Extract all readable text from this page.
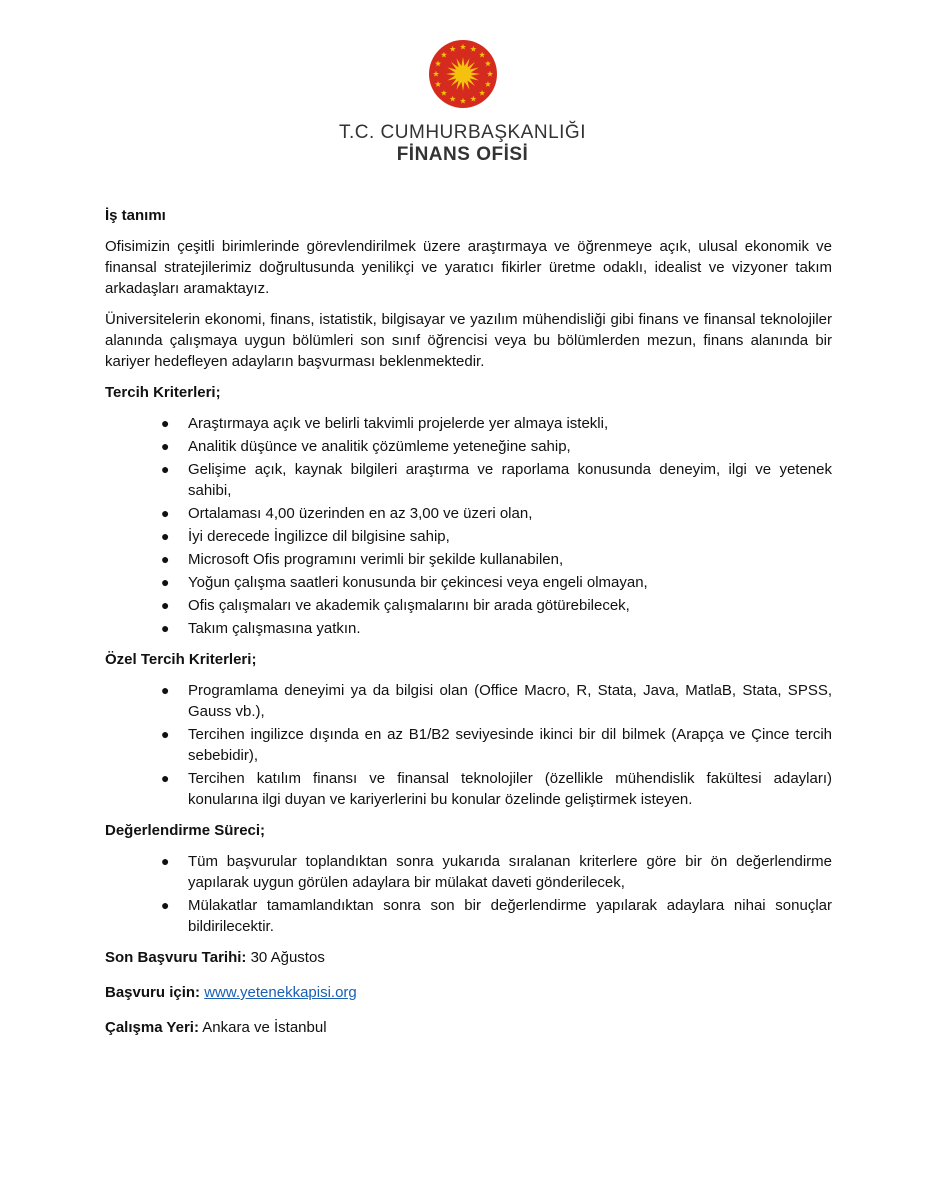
T.C. CUMHURBAŞKANLIĞI
FİNANS OFİSİ
İş tanımı

Ofisimizin çeşitli birimlerinde görevlendirilmek üzere araştırmaya ve öğrenmeye açık, ulusal ekonomik ve finansal stratejilerimiz doğrultusunda yenilikçi ve yaratıcı fikirler üretme odaklı, idealist ve vizyoner takım arkadaşları aramaktayız.

Üniversitelerin ekonomi, finans, istatistik, bilgisayar ve yazılım mühendisliği gibi finans ve finansal teknolojiler alanında çalışmaya uygun bölümleri son sınıf öğrencisi veya bu bölümlerden mezun, finans alanında bir kariyer hedefleyen adayların başvurması beklenmektedir.

Tercih Kriterleri;
● Araştırmaya açık ve belirli takvimli projelerde yer almaya istekli,
● Analitik düşünce ve analitik çözümleme yeteneğine sahip,
● Gelişime açık, kaynak bilgileri araştırma ve raporlama konusunda deneyim, ilgi ve yetenek sahibi,
● Ortalaması 4,00 üzerinden en az 3,00 ve üzeri olan,
● İyi derecede İngilizce dil bilgisine sahip,
● Microsoft Ofis programını verimli bir şekilde kullanabilen,
● Yoğun çalışma saatleri konusunda bir çekincesi veya engeli olmayan,
● Ofis çalışmaları ve akademik çalışmalarını bir arada götürebilecek,
● Takım çalışmasına yatkın.
Özel Tercih Kriterleri;
● Programlama deneyimi ya da bilgisi olan (Office Macro, R, Stata, Java, MatlaB, Stata, SPSS, Gauss vb.),
● Tercihen ingilizce dışında en az B1/B2 seviyesinde ikinci bir dil bilmek (Arapça ve Çince tercih sebebidir),
● Tercihen katılım finansı ve finansal teknolojiler (özellikle mühendislik fakültesi adayları) konularına ilgi duyan ve kariyerlerini bu konular özelinde geliştirmek isteyen.
Değerlendirme Süreci;
● Tüm başvurular toplandıktan sonra yukarıda sıralanan kriterlere göre bir ön değerlendirme yapılarak uygun görülen adaylara bir mülakat daveti gönderilecek,
● Mülakatlar tamamlandıktan sonra son bir değerlendirme yapılarak adaylara nihai sonuçlar bildirilecektir.
Son Başvuru Tarihi: 30 Ağustos
Başvuru için: www.yetenekkapisi.org
Çalışma Yeri: Ankara ve İstanbul
